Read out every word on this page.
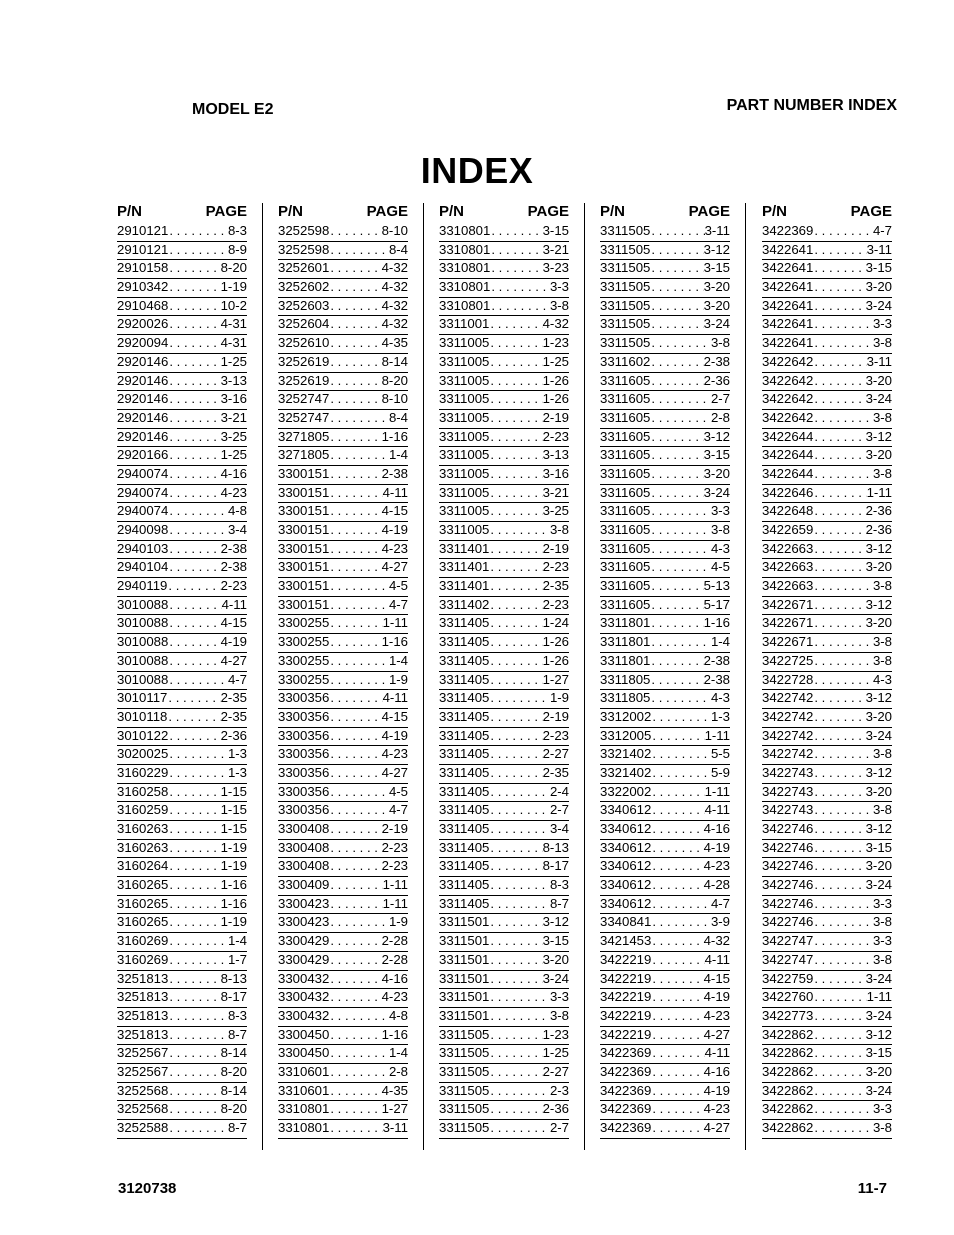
MODEL E2	PART NUMBER INDEX
INDEX
P/N	PAGE
2910121 . . .	8-3
2910121 . . .	8-9
2910158 . . .	8-20
2910342 . . .	1-19
2910468 . . .	10-2
2920026 . . .	4-31
2920094 . . .	4-31
2920146 . . .	1-25
2920146 . . .	3-13
2920146 . . .	3-16
2920146 . . .	3-21
2920146 . . .	3-25
2920166 . . .	1-25
2940074 . . .	4-16
2940074 . . .	4-23
2940074 . . .	4-8
2940098 . . .	3-4
2940103 . . .	2-38
2940104 . . .	2-38
2940119 . . .	2-23
3010088 . . .	4-11
3010088 . . .	4-15
3010088 . . .	4-19
3010088 . . .	4-27
3010088 . . .	4-7
3010117 . . .	2-35
3010118 . . .	2-35
3010122 . . .	2-36
3020025 . . .	1-3
3160229 . . .	1-3
3160258 . . .	1-15
3160259 . . .	1-15
3160263 . . .	1-15
3160263 . . .	1-19
3160264 . . .	1-19
3160265 . . .	1-16
3160265 . . .	1-16
3160265 . . .	1-19
3160269 . . .	1-4
3160269 . . .	1-7
3251813 . . .	8-13
3251813 . . .	8-17
3251813 . . .	8-3
3251813 . . .	8-7
3252567 . . .	8-14
3252567 . . .	8-20
3252568 . . .	8-14
3252568 . . .	8-20
3252588 . . .	8-7
P/N	PAGE
3252598 . . .	8-10
3252598 . . .	8-4
3252601 . . .	4-32
3252602 . . .	4-32
3252603 . . .	4-32
3252604 . . .	4-32
3252610 . . .	4-35
3252619 . . .	8-14
3252619 . . .	8-20
3252747 . . .	8-10
3252747 . . .	8-4
3271805 . . .	1-16
3271805 . . .	1-4
3300151 . . .	2-38
3300151 . . .	4-11
3300151 . . .	4-15
3300151 . . .	4-19
3300151 . . .	4-23
3300151 . . .	4-27
3300151 . . .	4-5
3300151 . . .	4-7
3300255 . . .	1-11
3300255 . . .	1-16
3300255 . . .	1-4
3300255 . . .	1-9
3300356 . . .	4-11
3300356 . . .	4-15
3300356 . . .	4-19
3300356 . . .	4-23
3300356 . . .	4-27
3300356 . . .	4-5
3300356 . . .	4-7
3300408 . . .	2-19
3300408 . . .	2-23
3300408 . . .	2-23
3300409 . . .	1-11
3300423 . . .	1-11
3300423 . . .	1-9
3300429 . . .	2-28
3300429 . . .	2-28
3300432 . . .	4-16
3300432 . . .	4-23
3300432 . . .	4-8
3300450 . . .	1-16
3300450 . . .	1-4
3310601 . . .	2-8
3310601 . . .	4-35
3310801 . . .	1-27
3310801 . . .	3-11
P/N	PAGE
3310801 . . .	3-15
3310801 . . .	3-21
3310801 . . .	3-23
3310801 . . .	3-3
3310801 . . .	3-8
3311001 . . .	4-32
3311005 . . .	1-23
3311005 . . .	1-25
3311005 . . .	1-26
3311005 . . .	1-26
3311005 . . .	2-19
3311005 . . .	2-23
3311005 . . .	3-13
3311005 . . .	3-16
3311005 . . .	3-21
3311005 . . .	3-25
3311005 . . .	3-8
3311401 . . .	2-19
3311401 . . .	2-23
3311401 . . .	2-35
3311402 . . .	2-23
3311405 . . .	1-24
3311405 . . .	1-26
3311405 . . .	1-26
3311405 . . .	1-27
3311405 . . .	1-9
3311405 . . .	2-19
3311405 . . .	2-23
3311405 . . .	2-27
3311405 . . .	2-35
3311405 . . .	2-4
3311405 . . .	2-7
3311405 . . .	3-4
3311405 . . .	8-13
3311405 . . .	8-17
3311405 . . .	8-3
3311405 . . .	8-7
3311501 . . .	3-12
3311501 . . .	3-15
3311501 . . .	3-20
3311501 . . .	3-24
3311501 . . .	3-3
3311501 . . .	3-8
3311505 . . .	1-23
3311505 . . .	1-25
3311505 . . .	2-27
3311505 . . .	2-3
3311505 . . .	2-36
3311505 . . .	2-7
P/N	PAGE
3311505 . . .	3-11
3311505 . . .	3-12
3311505 . . .	3-15
3311505 . . .	3-20
3311505 . . .	3-20
3311505 . . .	3-24
3311505 . . .	3-8
3311602 . . .	2-38
3311605 . . .	2-36
3311605 . . .	2-7
3311605 . . .	2-8
3311605 . . .	3-12
3311605 . . .	3-15
3311605 . . .	3-20
3311605 . . .	3-24
3311605 . . .	3-3
3311605 . . .	3-8
3311605 . . .	4-3
3311605 . . .	4-5
3311605 . . .	5-13
3311605 . . .	5-17
3311801 . . .	1-16
3311801 . . .	1-4
3311801 . . .	2-38
3311805 . . .	2-38
3311805 . . .	4-3
3312002 . . .	1-3
3312005 . . .	1-11
3321402 . . .	5-5
3321402 . . .	5-9
3322002 . . .	1-11
3340612 . . .	4-11
3340612 . . .	4-16
3340612 . . .	4-19
3340612 . . .	4-23
3340612 . . .	4-28
3340612 . . .	4-7
3340841 . . .	3-9
3421453 . . .	4-32
3422219 . . .	4-11
3422219 . . .	4-15
3422219 . . .	4-19
3422219 . . .	4-23
3422219 . . .	4-27
3422369 . . .	4-11
3422369 . . .	4-16
3422369 . . .	4-19
3422369 . . .	4-23
3422369 . . .	4-27
P/N	PAGE
3422369 . . .	4-7
3422641 . . .	3-11
3422641 . . .	3-15
3422641 . . .	3-20
3422641 . . .	3-24
3422641 . . .	3-3
3422641 . . .	3-8
3422642 . . .	3-11
3422642 . . .	3-20
3422642 . . .	3-24
3422642 . . .	3-8
3422644 . . .	3-12
3422644 . . .	3-20
3422644 . . .	3-8
3422646 . . .	1-11
3422648 . . .	2-36
3422659 . . .	2-36
3422663 . . .	3-12
3422663 . . .	3-20
3422663 . . .	3-8
3422671 . . .	3-12
3422671 . . .	3-20
3422671 . . .	3-8
3422725 . . .	3-8
3422728 . . .	4-3
3422742 . . .	3-12
3422742 . . .	3-20
3422742 . . .	3-24
3422742 . . .	3-8
3422743 . . .	3-12
3422743 . . .	3-20
3422743 . . .	3-8
3422746 . . .	3-12
3422746 . . .	3-15
3422746 . . .	3-20
3422746 . . .	3-24
3422746 . . .	3-3
3422746 . . .	3-8
3422747 . . .	3-3
3422747 . . .	3-8
3422759 . . .	3-24
3422760 . . .	1-11
3422773 . . .	3-24
3422862 . . .	3-12
3422862 . . .	3-15
3422862 . . .	3-20
3422862 . . .	3-24
3422862 . . .	3-3
3422862 . . .	3-8
3120738	11-7
